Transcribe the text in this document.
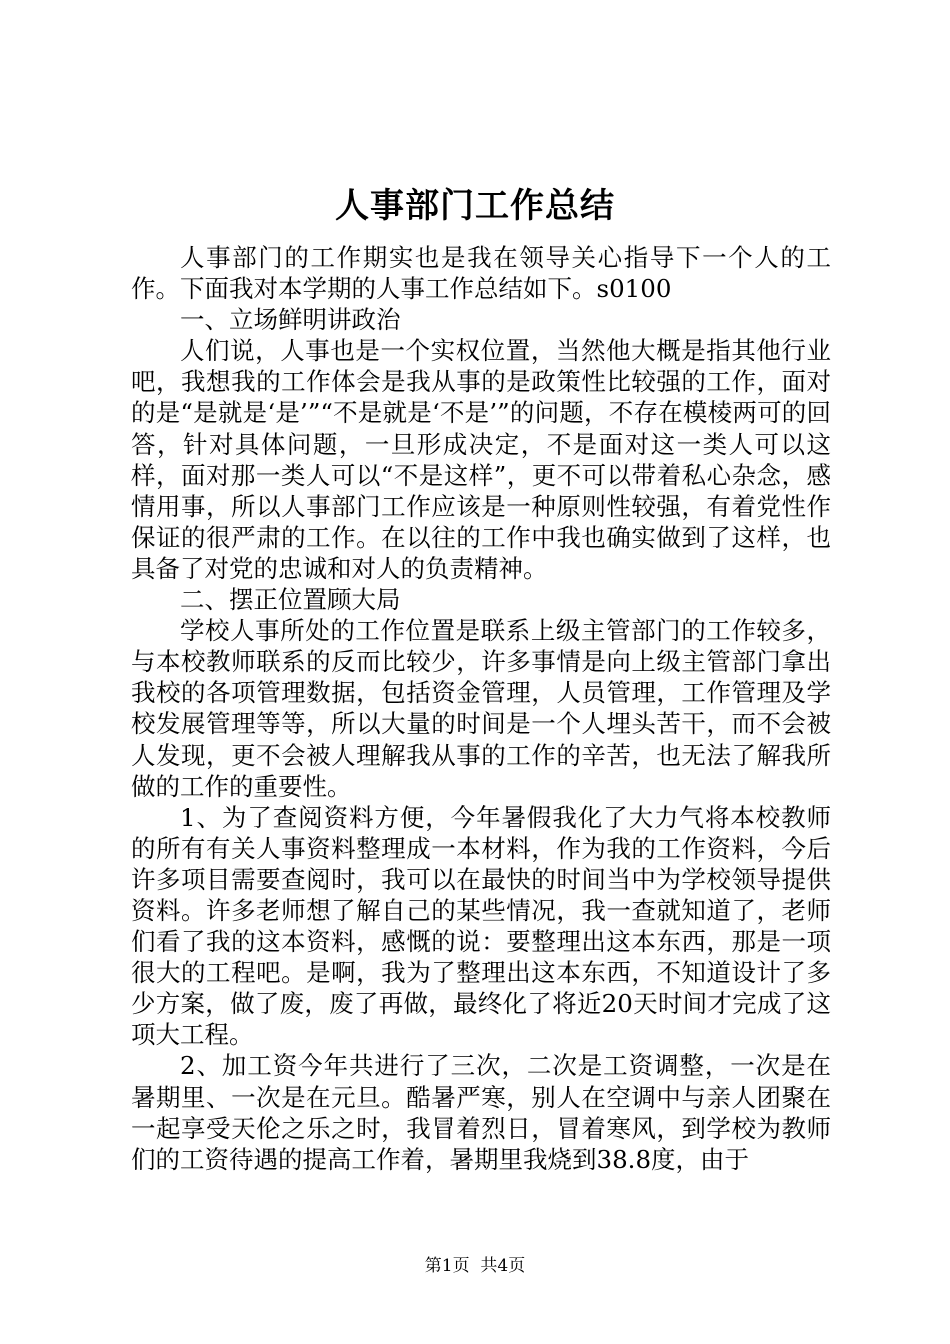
人事部门工作总结

人事部门的工作期实也是我在领导关心指导下一个人的工作。下面我对本学期的人事工作总结如下。s0100

一、立场鲜明讲政治

人们说，人事也是一个实权位置，当然他大概是指其他行业吧，我想我的工作体会是我从事的是政策性比较强的工作，面对的是“是就是‘是’”“不是就是‘不是’”的问题，不存在模棱两可的回答，针对具体问题，一旦形成决定，不是面对这一类人可以这样，面对那一类人可以“不是这样”，更不可以带着私心杂念，感情用事，所以人事部门工作应该是一种原则性较强，有着党性作保证的很严肃的工作。在以往的工作中我也确实做到了这样，也具备了对党的忠诚和对人的负责精神。

二、摆正位置顾大局

学校人事所处的工作位置是联系上级主管部门的工作较多，与本校教师联系的反而比较少，许多事情是向上级主管部门拿出我校的各项管理数据，包括资金管理，人员管理，工作管理及学校发展管理等等，所以大量的时间是一个人埋头苦干，而不会被人发现，更不会被人理解我从事的工作的辛苦，也无法了解我所做的工作的重要性。

1、为了查阅资料方便，今年暑假我化了大力气将本校教师的所有有关人事资料整理成一本材料，作为我的工作资料，今后许多项目需要查阅时，我可以在最快的时间当中为学校领导提供资料。许多老师想了解自己的某些情况，我一查就知道了，老师们看了我的这本资料，感慨的说：要整理出这本东西，那是一项很大的工程吧。是啊，我为了整理出这本东西，不知道设计了多少方案，做了废，废了再做，最终化了将近20天时间才完成了这项大工程。

2、加工资今年共进行了三次，二次是工资调整，一次是在暑期里、一次是在元旦。酷暑严寒，别人在空调中与亲人团聚在一起享受天伦之乐之时，我冒着烈日，冒着寒风，到学校为教师们的工资待遇的提高工作着，暑期里我烧到38.8度，由于

第1页 共4页
